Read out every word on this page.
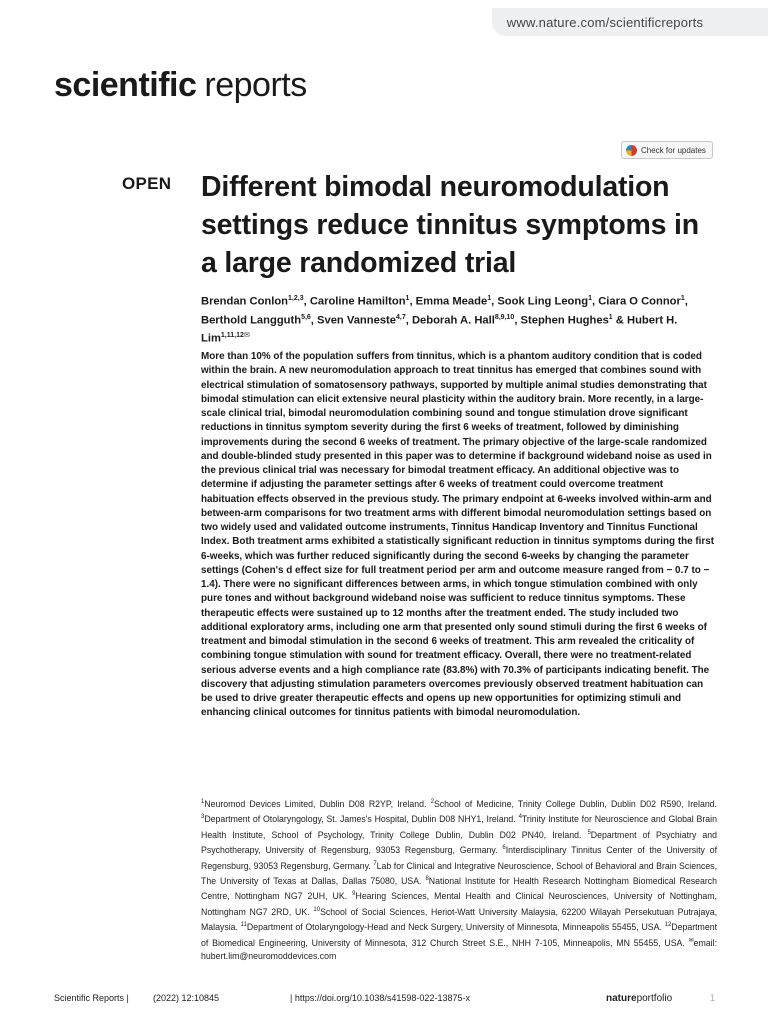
www.nature.com/scientificreports
scientific reports
Check for updates
OPEN Different bimodal neuromodulation settings reduce tinnitus symptoms in a large randomized trial

Brendan Conlon$^{1,2,3}$, Caroline Hamilton$^1$, Emma Meade$^1$, Sook Ling Leong$^1$, Ciara O Connor$^1$, Berthold Langguth$^{5,6}$, Sven Vanneste$^{4,7}$, Deborah A. Hall$^{8,9,10}$, Stephen Hughes$^1$ & Hubert H. Lim$^{1,11,12✉}$

More than 10% of the population suffers from tinnitus, which is a phantom auditory condition that is coded within the brain. A new neuromodulation approach to treat tinnitus has emerged that combines sound with electrical stimulation of somatosensory pathways, supported by multiple animal studies demonstrating that bimodal stimulation can elicit extensive neural plasticity within the auditory brain. More recently, in a large-scale clinical trial, bimodal neuromodulation combining sound and tongue stimulation drove significant reductions in tinnitus symptom severity during the first 6 weeks of treatment, followed by diminishing improvements during the second 6 weeks of treatment. The primary objective of the large-scale randomized and double-blinded study presented in this paper was to determine if background wideband noise as used in the previous clinical trial was necessary for bimodal treatment efficacy. An additional objective was to determine if adjusting the parameter settings after 6 weeks of treatment could overcome treatment habituation effects observed in the previous study. The primary endpoint at 6-weeks involved within-arm and between-arm comparisons for two treatment arms with different bimodal neuromodulation settings based on two widely used and validated outcome instruments, Tinnitus Handicap Inventory and Tinnitus Functional Index. Both treatment arms exhibited a statistically significant reduction in tinnitus symptoms during the first 6-weeks, which was further reduced significantly during the second 6-weeks by changing the parameter settings (Cohen's d effect size for full treatment period per arm and outcome measure ranged from − 0.7 to − 1.4). There were no significant differences between arms, in which tongue stimulation combined with only pure tones and without background wideband noise was sufficient to reduce tinnitus symptoms. These therapeutic effects were sustained up to 12 months after the treatment ended. The study included two additional exploratory arms, including one arm that presented only sound stimuli during the first 6 weeks of treatment and bimodal stimulation in the second 6 weeks of treatment. This arm revealed the criticality of combining tongue stimulation with sound for treatment efficacy. Overall, there were no treatment-related serious adverse events and a high compliance rate (83.8%) with 70.3% of participants indicating benefit. The discovery that adjusting stimulation parameters overcomes previously observed treatment habituation can be used to drive greater therapeutic effects and opens up new opportunities for optimizing stimuli and enhancing clinical outcomes for tinnitus patients with bimodal neuromodulation.

$^1$Neuromod Devices Limited, Dublin D08 R2YP, Ireland. $^2$School of Medicine, Trinity College Dublin, Dublin D02 R590, Ireland. $^3$Department of Otolaryngology, St. James's Hospital, Dublin D08 NHY1, Ireland. $^4$Trinity Institute for Neuroscience and Global Brain Health Institute, School of Psychology, Trinity College Dublin, Dublin D02 PN40, Ireland. $^5$Department of Psychiatry and Psychotherapy, University of Regensburg, 93053 Regensburg, Germany. $^6$Interdisciplinary Tinnitus Center of the University of Regensburg, 93053 Regensburg, Germany. $^7$Lab for Clinical and Integrative Neuroscience, School of Behavioral and Brain Sciences, The University of Texas at Dallas, Dallas 75080, USA. $^8$National Institute for Health Research Nottingham Biomedical Research Centre, Nottingham NG7 2UH, UK. $^9$Hearing Sciences, Mental Health and Clinical Neurosciences, University of Nottingham, Nottingham NG7 2RD, UK. $^{10}$School of Social Sciences, Heriot-Watt University Malaysia, 62200 Wilayah Persekutuan Putrajaya, Malaysia. $^{11}$Department of Otolaryngology-Head and Neck Surgery, University of Minnesota, Minneapolis 55455, USA. $^{12}$Department of Biomedical Engineering, University of Minnesota, 312 Church Street S.E., NHH 7-105, Minneapolis, MN 55455, USA. ✉email: hubert.lim@neuromoddevices.com

Scientific Reports |	(2022) 12:10845	| https://doi.org/10.1038/s41598-022-13875-x	natureportfolio	1
